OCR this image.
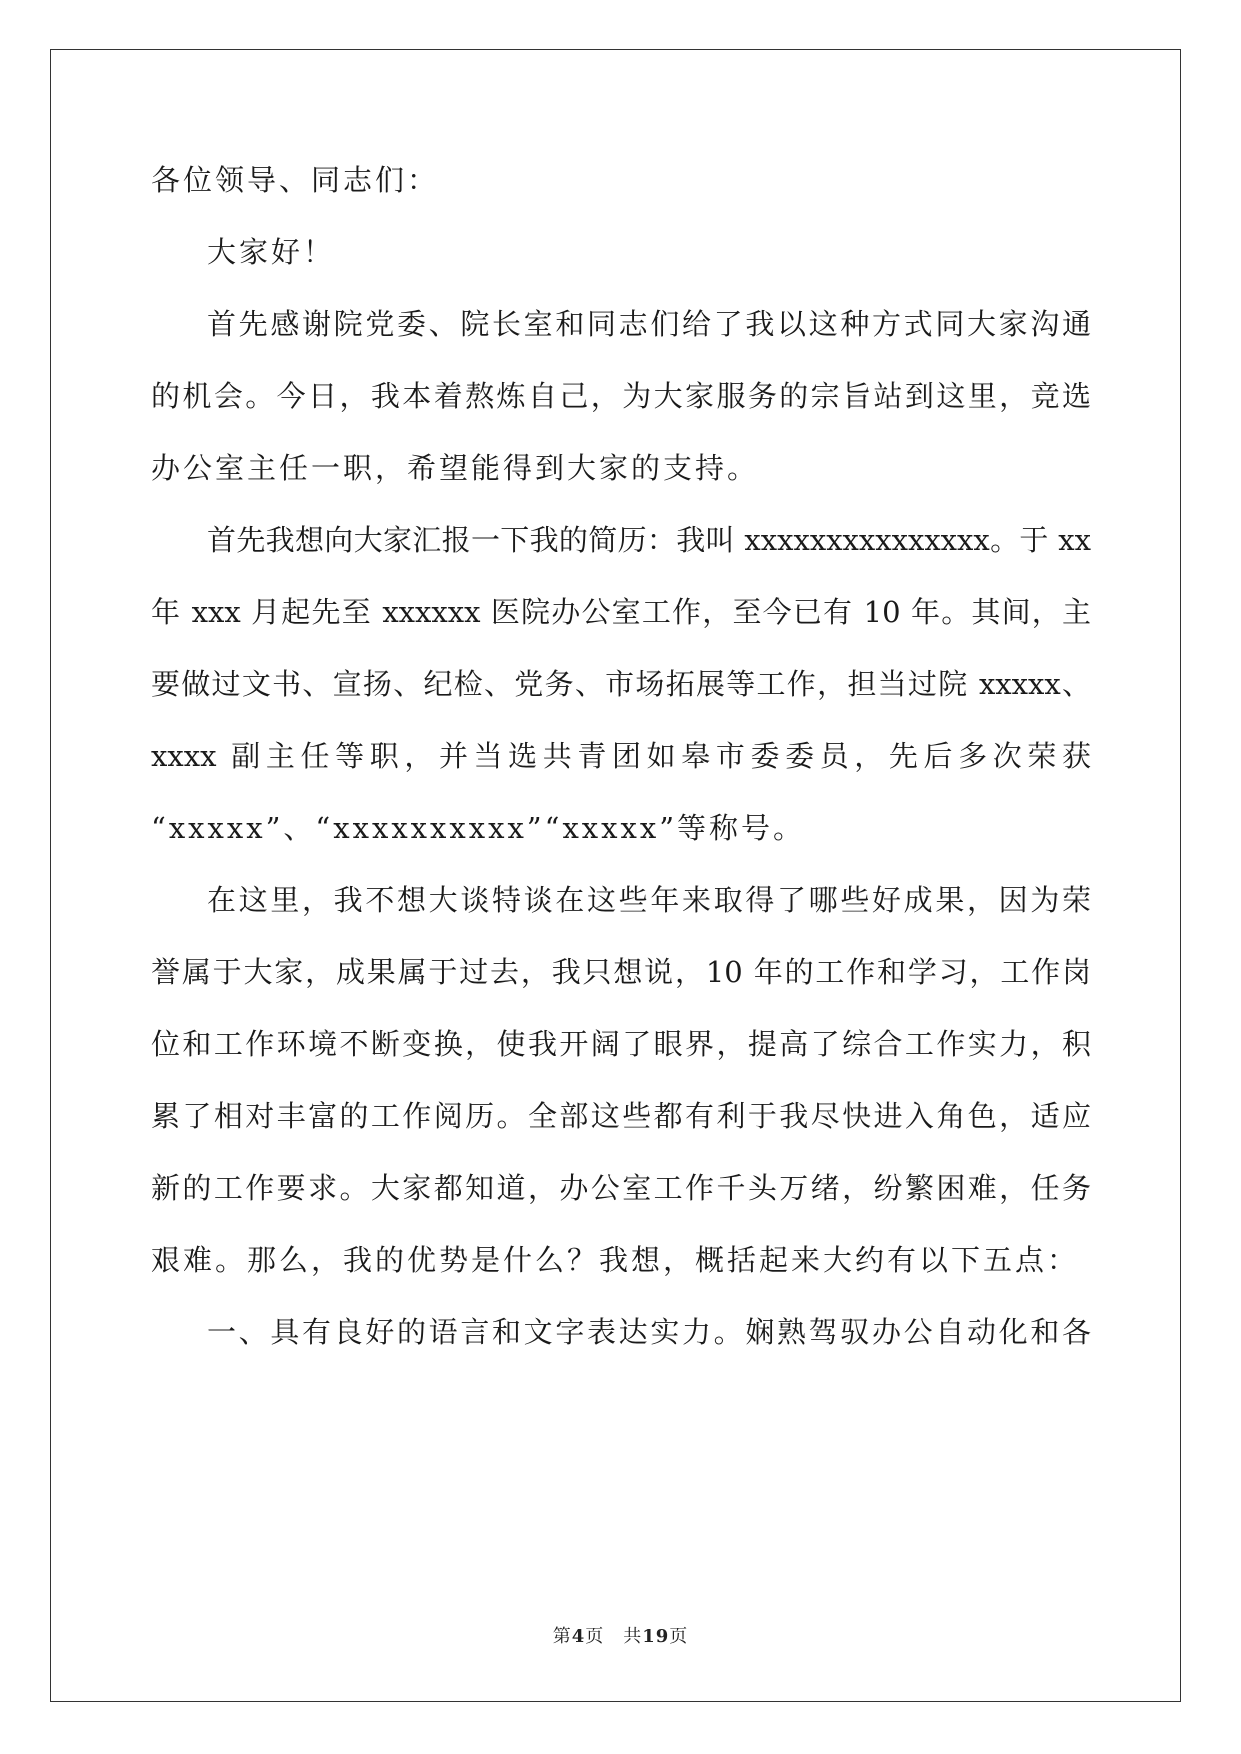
各位领导、同志们：
大家好！
首先感谢院党委、院长室和同志们给了我以这种方式同大家沟通
的机会。今日，我本着熬炼自己，为大家服务的宗旨站到这里，竞选
办公室主任一职，希望能得到大家的支持。
首先我想向大家汇报一下我的简历：我叫 xxxxxxxxxxxxxxx。于 xx
年 xxx 月起先至 xxxxxx 医院办公室工作，至今已有 10 年。其间，主
要做过文书、宣扬、纪检、党务、市场拓展等工作，担当过院 xxxxx、
xxxx 副主任等职，并当选共青团如皋市委委员，先后多次荣获
“xxxxx”、“xxxxxxxxxx”“xxxxx”等称号。
在这里，我不想大谈特谈在这些年来取得了哪些好成果，因为荣
誉属于大家，成果属于过去，我只想说，10 年的工作和学习，工作岗
位和工作环境不断变换，使我开阔了眼界，提高了综合工作实力，积
累了相对丰富的工作阅历。全部这些都有利于我尽快进入角色，适应
新的工作要求。大家都知道，办公室工作千头万绪，纷繁困难，任务
艰难。那么，我的优势是什么？我想，概括起来大约有以下五点：
一、具有良好的语言和文字表达实力。娴熟驾驭办公自动化和各
第4页　共19页
